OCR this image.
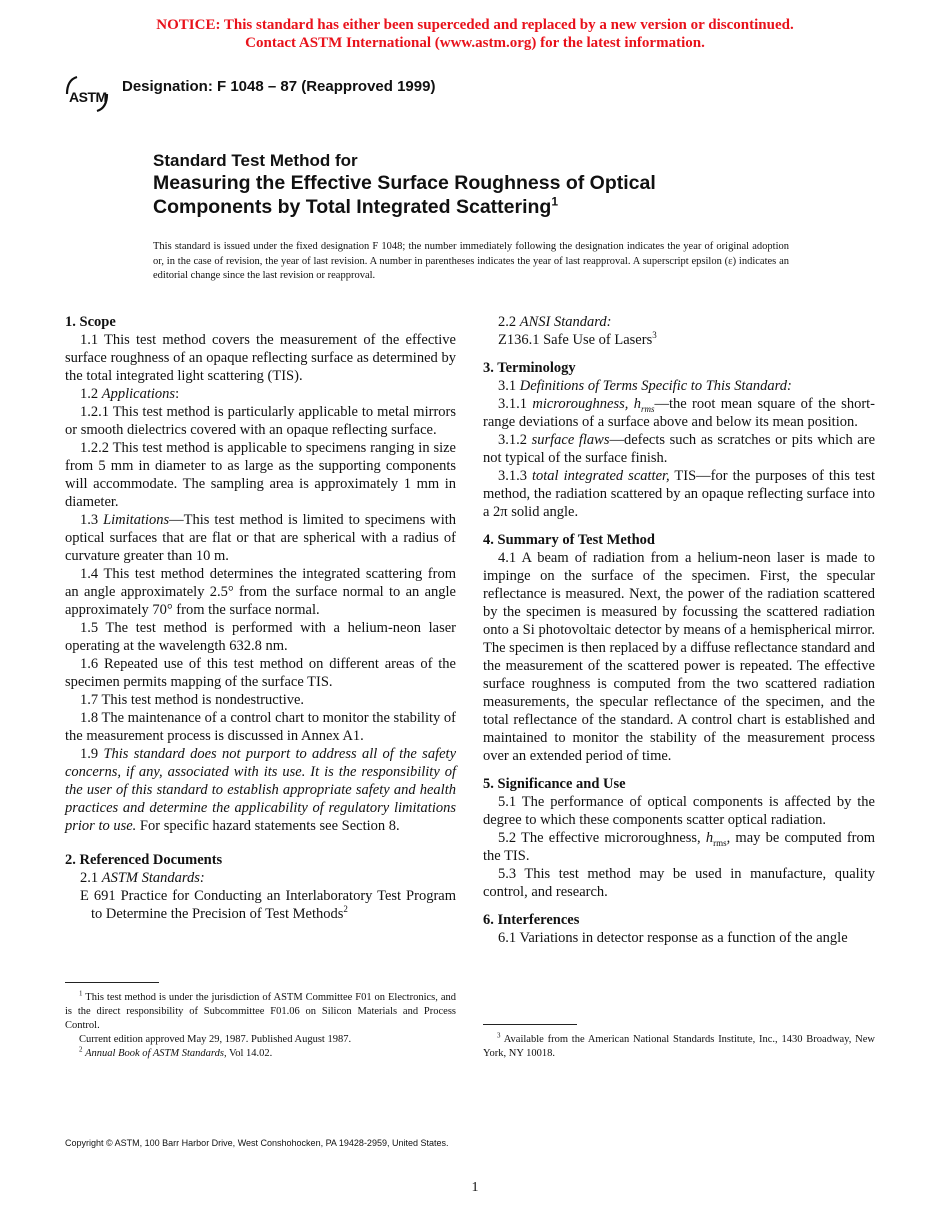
NOTICE: This standard has either been superceded and replaced by a new version or discontinued.
Contact ASTM International (www.astm.org) for the latest information.
ASTM
Designation: F 1048 – 87 (Reapproved 1999)
Standard Test Method for
Measuring the Effective Surface Roughness of Optical
Components by Total Integrated Scattering$^1$
This standard is issued under the fixed designation F 1048; the number immediately following the designation indicates the year of original adoption or, in the case of revision, the year of last revision. A number in parentheses indicates the year of last reapproval. A superscript epsilon (ε) indicates an editorial change since the last revision or reapproval.
1. Scope

1.1 This test method covers the measurement of the effective surface roughness of an opaque reflecting surface as determined by the total integrated light scattering (TIS).

1.2 Applications:

1.2.1 This test method is particularly applicable to metal mirrors or smooth dielectrics covered with an opaque reflecting surface.

1.2.2 This test method is applicable to specimens ranging in size from 5 mm in diameter to as large as the supporting components will accommodate. The sampling area is approximately 1 mm in diameter.

1.3 Limitations—This test method is limited to specimens with optical surfaces that are flat or that are spherical with a radius of curvature greater than 10 m.

1.4 This test method determines the integrated scattering from an angle approximately 2.5° from the surface normal to an angle approximately 70° from the surface normal.

1.5 The test method is performed with a helium-neon laser operating at the wavelength 632.8 nm.

1.6 Repeated use of this test method on different areas of the specimen permits mapping of the surface TIS.

1.7 This test method is nondestructive.

1.8 The maintenance of a control chart to monitor the stability of the measurement process is discussed in Annex A1.

1.9 This standard does not purport to address all of the safety concerns, if any, associated with its use. It is the responsibility of the user of this standard to establish appropriate safety and health practices and determine the applicability of regulatory limitations prior to use. For specific hazard statements see Section 8.

2. Referenced Documents

2.1 ASTM Standards:

E 691 Practice for Conducting an Interlaboratory Test Program to Determine the Precision of Test Methods$^2$

$^1$ This test method is under the jurisdiction of ASTM Committee F01 on Electronics, and is the direct responsibility of Subcommittee F01.06 on Silicon Materials and Process Control.

Current edition approved May 29, 1987. Published August 1987.

$^2$ Annual Book of ASTM Standards, Vol 14.02.

2.2 ANSI Standard:

Z136.1 Safe Use of Lasers$^3$

3. Terminology

3.1 Definitions of Terms Specific to This Standard:

3.1.1 microroughness, $h_{rms}—the$ root mean square of the short-range deviations of a surface above and below its mean position.

3.1.2 surface flaws—defects such as scratches or pits which are not typical of the surface finish.

3.1.3 total integrated scatter, TIS—for the purposes of this test method, the radiation scattered by an opaque reflecting surface into a 2π solid angle.

4. Summary of Test Method

4.1 A beam of radiation from a helium-neon laser is made to impinge on the surface of the specimen. First, the specular reflectance is measured. Next, the power of the radiation scattered by the specimen is measured by focussing the scattered radiation onto a Si photovoltaic detector by means of a hemispherical mirror. The specimen is then replaced by a diffuse reflectance standard and the measurement of the scattered power is repeated. The effective surface roughness is computed from the two scattered radiation measurements, the specular reflectance of the specimen, and the total reflectance of the standard. A control chart is established and maintained to monitor the stability of the measurement process over an extended period of time.

5. Significance and Use

5.1 The performance of optical components is affected by the degree to which these components scatter optical radiation.

5.2 The effective microroughness, $h_{rms}$, may be computed from the TIS.

5.3 This test method may be used in manufacture, quality control, and research.

6. Interferences

6.1 Variations in detector response as a function of the angle

$^3$ Available from the American National Standards Institute, Inc., 1430 Broadway, New York, NY 10018.

Copyright © ASTM, 100 Barr Harbor Drive, West Conshohocken, PA 19428-2959, United States.
1
